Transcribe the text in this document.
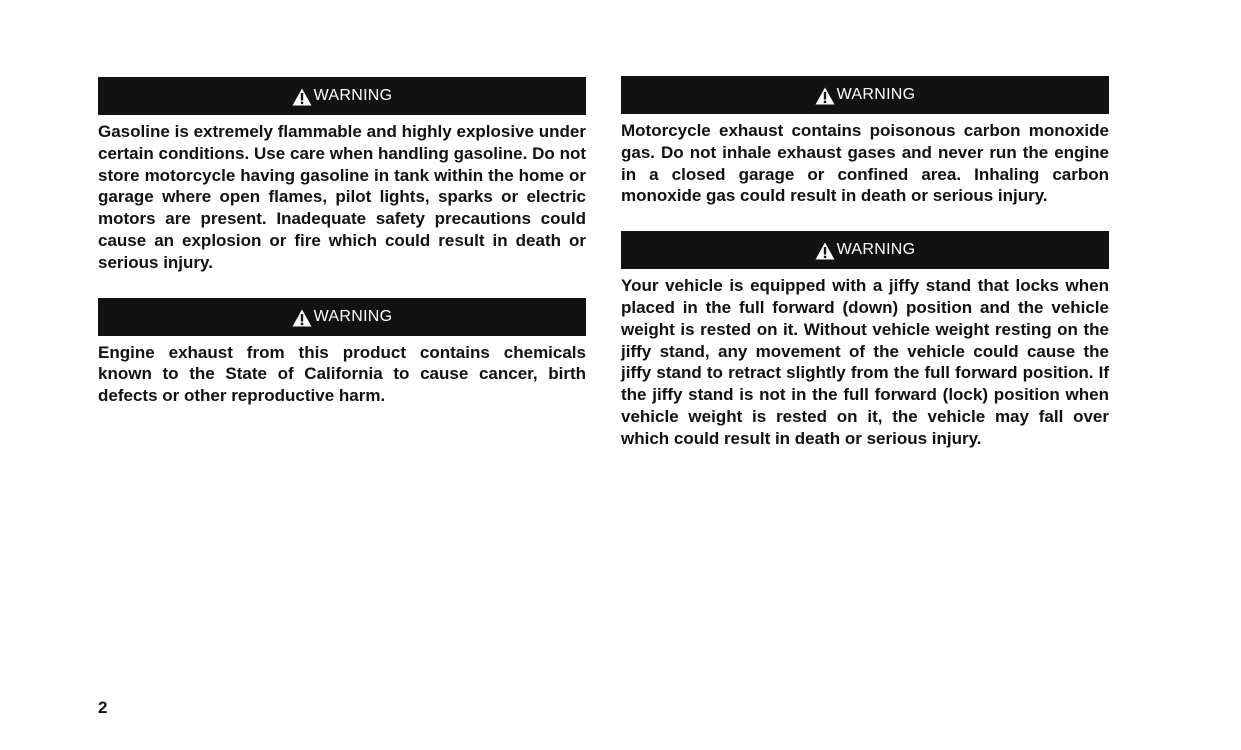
WARNING

Gasoline is extremely flammable and highly explosive under certain conditions. Use care when handling gasoline. Do not store motorcycle having gasoline in tank within the home or garage where open flames, pilot lights, sparks or electric motors are present. Inadequate safety precautions could cause an explosion or fire which could result in death or serious injury.

WARNING

Engine exhaust from this product contains chemicals known to the State of California to cause cancer, birth defects or other reproductive harm.

WARNING

Motorcycle exhaust contains poisonous carbon monoxide gas. Do not inhale exhaust gases and never run the engine in a closed garage or confined area. Inhaling carbon monoxide gas could result in death or serious injury.

WARNING

Your vehicle is equipped with a jiffy stand that locks when placed in the full forward (down) position and the vehicle weight is rested on it. Without vehicle weight resting on the jiffy stand, any movement of the vehicle could cause the jiffy stand to retract slightly from the full forward position. If the jiffy stand is not in the full forward (lock) position when vehicle weight is rested on it, the vehicle may fall over which could result in death or serious injury.

2
